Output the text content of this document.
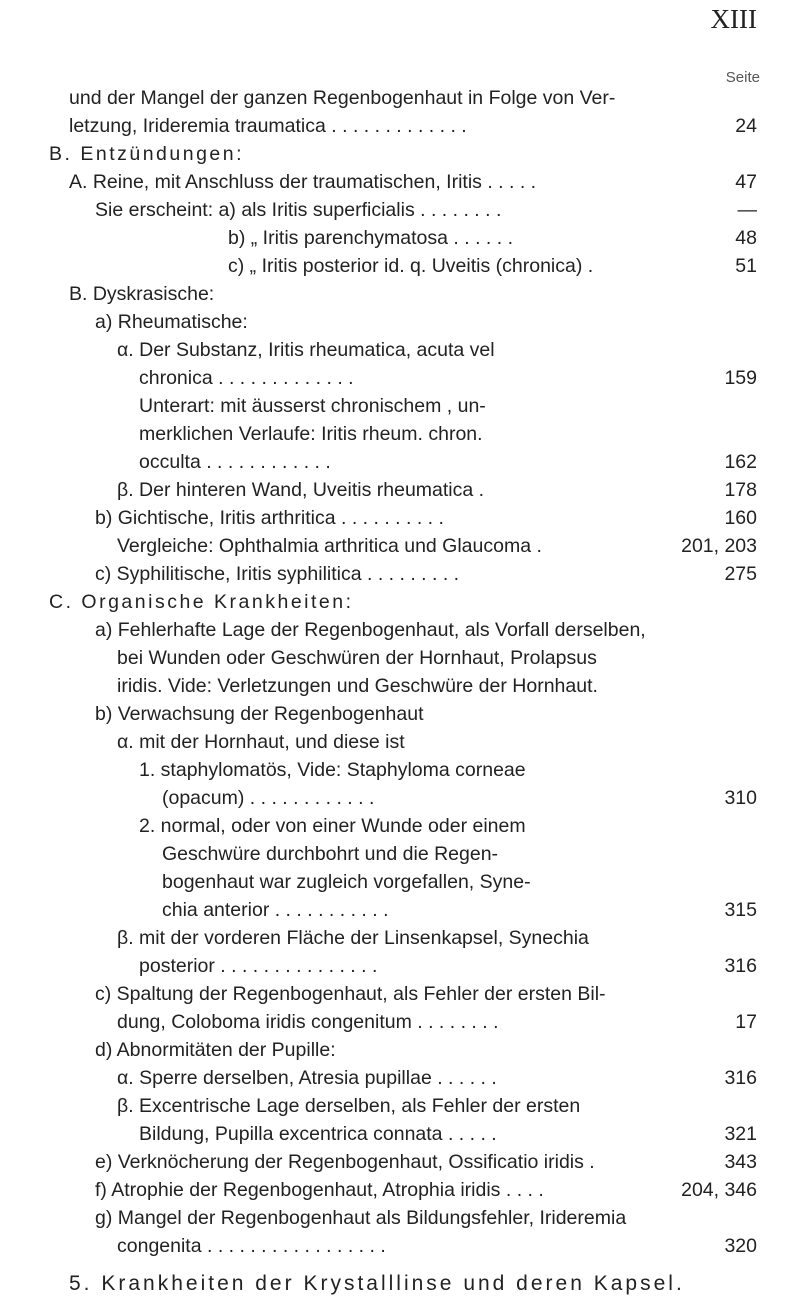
XIII
Seite
und der Mangel der ganzen Regenbogenhaut in Folge von Ver-
letzung, Irideremia traumatica . . . . . . . . . . . . .	24
B. Entzündungen:
A. Reine, mit Anschluss der traumatischen, Iritis . . . . .	47
Sie erscheint: a) als Iritis superficialis . . . . . . . .	—
b) „ Iritis parenchymatosa . . . . . .	48
c) „ Iritis posterior id. q. Uveitis (chronica) .	51
B. Dyskrasische:
a) Rheumatische:
α. Der Substanz, Iritis rheumatica, acuta vel
chronica . . . . . . . . . . . . .	159
Unterart: mit äusserst chronischem , un-
merklichen Verlaufe: Iritis rheum. chron.
occulta . . . . . . . . . . . .	162
β. Der hinteren Wand, Uveitis rheumatica .	178
b) Gichtische, Iritis arthritica . . . . . . . . . .	160
Vergleiche: Ophthalmia arthritica und Glaucoma .	201, 203
c) Syphilitische, Iritis syphilitica . . . . . . . . .	275
C. Organische Krankheiten:
a) Fehlerhafte Lage der Regenbogenhaut, als Vorfall derselben,
bei Wunden oder Geschwüren der Hornhaut, Prolapsus
iridis. Vide: Verletzungen und Geschwüre der Hornhaut.
b) Verwachsung der Regenbogenhaut
α. mit der Hornhaut, und diese ist
1. staphylomatös, Vide: Staphyloma corneae
(opacum) . . . . . . . . . . . .	310
2. normal, oder von einer Wunde oder einem
Geschwüre durchbohrt und die Regen-
bogenhaut war zugleich vorgefallen, Syne-
chia anterior . . . . . . . . . . .	315
β. mit der vorderen Fläche der Linsenkapsel, Synechia
posterior . . . . . . . . . . . . . . .	316
c) Spaltung der Regenbogenhaut, als Fehler der ersten Bil-
dung, Coloboma iridis congenitum . . . . . . . .	17
d) Abnormitäten der Pupille:
α. Sperre derselben, Atresia pupillae . . . . . .	316
β. Excentrische Lage derselben, als Fehler der ersten
Bildung, Pupilla excentrica connata . . . . .	321
e) Verknöcherung der Regenbogenhaut, Ossificatio iridis .	343
f) Atrophie der Regenbogenhaut, Atrophia iridis . . . .	204, 346
g) Mangel der Regenbogenhaut als Bildungsfehler, Irideremia
congenita . . . . . . . . . . . . . . . . .	320
5. Krankheiten der Krystalllinse und deren Kapsel.
